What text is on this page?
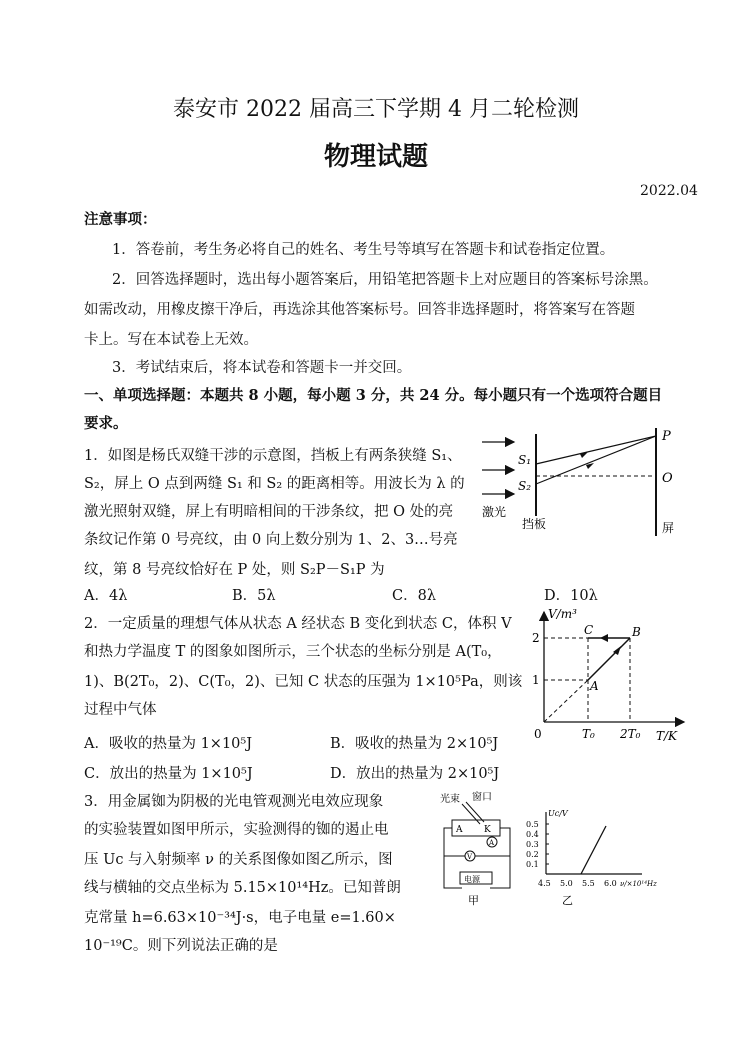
泰安市 2022 届高三下学期 4 月二轮检测
物理试题
2022.04
注意事项：
1．答卷前，考生务必将自己的姓名、考生号等填写在答题卡和试卷指定位置。
2．回答选择题时，选出每小题答案后，用铅笔把答题卡上对应题目的答案标号涂黑。
如需改动，用橡皮擦干净后，再选涂其他答案标号。回答非选择题时，将答案写在答题
卡上。写在本试卷上无效。
3．考试结束后，将本试卷和答题卡一并交回。
一、单项选择题：本题共 8 小题，每小题 3 分，共 24 分。每小题只有一个选项符合题目
要求。
1．如图是杨氏双缝干涉的示意图，挡板上有两条狭缝 S₁、
S₂，屏上 O 点到两缝 S₁ 和 S₂ 的距离相等。用波长为 λ 的
激光照射双缝，屏上有明暗相间的干涉条纹，把 O 处的亮
条纹记作第 0 号亮纹，由 0 向上数分别为 1、2、3…号亮
纹，第 8 号亮纹恰好在 P 处，则 S₂P－S₁P 为
A．4λ	B．5λ	C．8λ	D．10λ
P
O
S₁
S₂
激光
挡板	屏
2．一定质量的理想气体从状态 A 经状态 B 变化到状态 C，体积 V
和热力学温度 T 的图象如图所示，三个状态的坐标分别是 A(T₀，
1)、B(2T₀，2)、C(T₀，2)、已知 C 状态的压强为 1×10⁵Pa，则该
过程中气体
A．吸收的热量为 1×10⁵J	B．吸收的热量为 2×10⁵J
C．放出的热量为 1×10⁵J	D．放出的热量为 2×10⁵J
V/m³
T/K
2
1
0	T₀ 2T₀
A
B
C
3．用金属铷为阴极的光电管观测光电效应现象
的实验装置如图甲所示，实验测得的铷的遏止电
压 Uc 与入射频率 ν 的关系图像如图乙所示，图
线与横轴的交点坐标为 5.15×10¹⁴Hz。已知普朗
克常量 h=6.63×10⁻³⁴J·s，电子电量 e=1.60×
10⁻¹⁹C。则下列说法正确的是
光束 窗口
A K
A
V
电源
甲
Uc/V
0.5
0.4
0.3
0.2
0.1
4.5 5.0 5.5 6.0 ν/×10¹⁴Hz
乙
